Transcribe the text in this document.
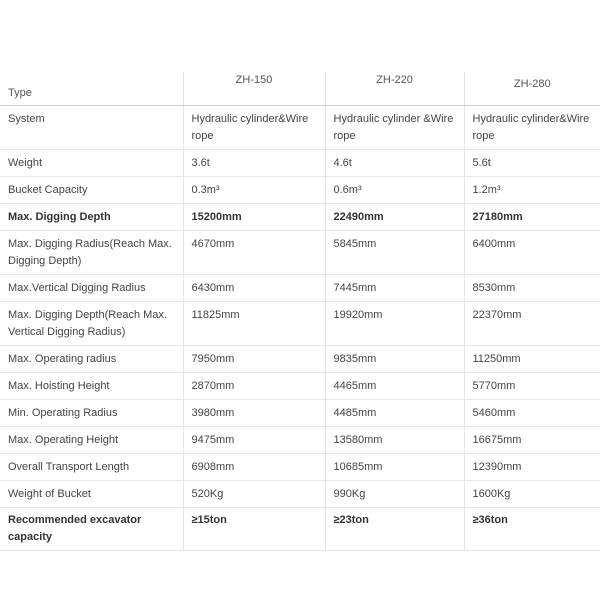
Type	ZH-150	ZH-220	ZH-280
System	Hydraulic cylinder&Wire rope	Hydraulic cylinder &Wire rope	Hydraulic cylinder&Wire rope
Weight	3.6t	4.6t	5.6t
Bucket Capacity	0.3m³	0.6m³	1.2m³
Max. Digging Depth	15200mm	22490mm	27180mm
Max. Digging Radius(Reach Max. Digging Depth)	4670mm	5845mm	6400mm
Max.Vertical Digging Radius	6430mm	7445mm	8530mm
Max. Digging Depth(Reach Max. Vertical Digging Radius)	11825mm	19920mm	22370mm
Max. Operating radius	7950mm	9835mm	11250mm
Max. Hoisting Height	2870mm	4465mm	5770mm
Min. Operating Radius	3980mm	4485mm	5460mm
Max. Operating Height	9475mm	13580mm	16675mm
Overall Transport Length	6908mm	10685mm	12390mm
Weight of Bucket	520Kg	990Kg	1600Kg
Recommended excavator capacity	≥15ton	≥23ton	≥36ton
